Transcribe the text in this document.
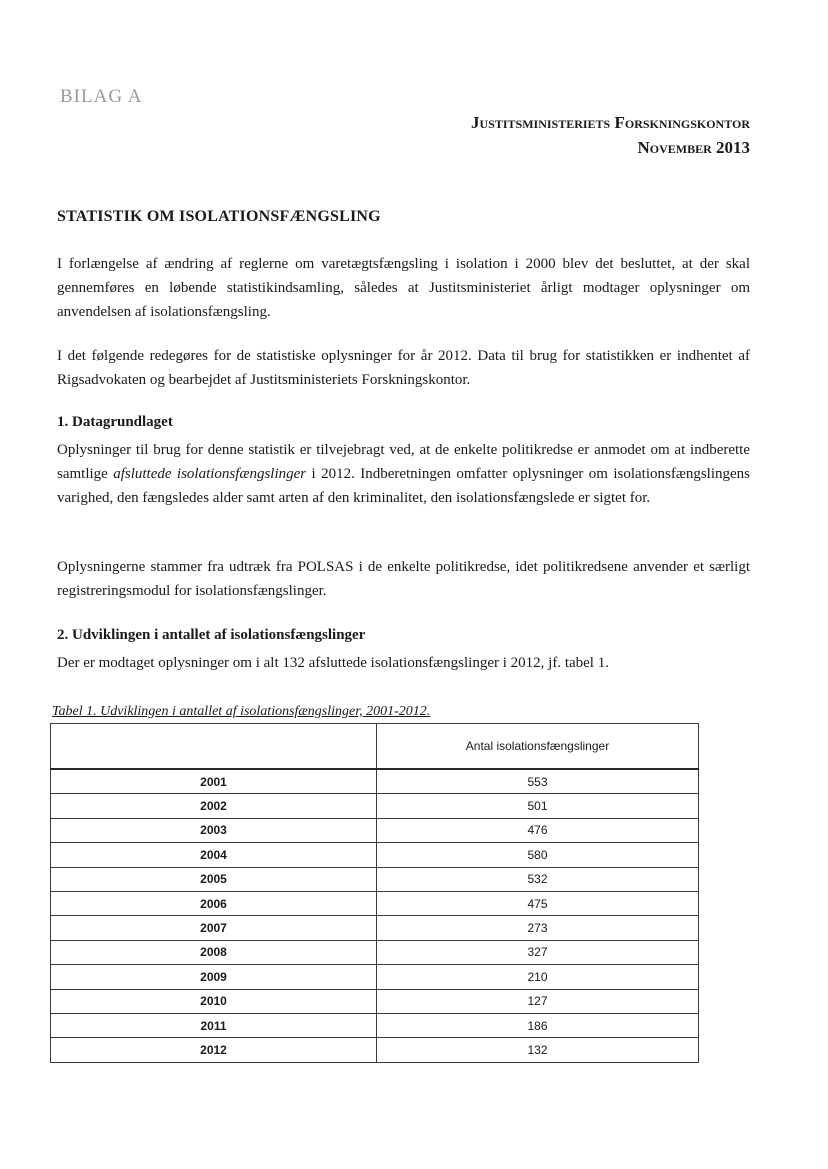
BILAG A
Justitsministeriets Forskningskontor
November 2013
STATISTIK OM ISOLATIONSFÆNGSLING

I forlængelse af ændring af reglerne om varetægtsfængsling i isolation i 2000 blev det besluttet, at der skal gennemføres en løbende statistikindsamling, således at Justitsministeriet årligt modtager oplysninger om anvendelsen af isolationsfængsling.

I det følgende redegøres for de statistiske oplysninger for år 2012. Data til brug for statistikken er indhentet af Rigsadvokaten og bearbejdet af Justitsministeriets Forskningskontor.

1. Datagrundlaget

Oplysninger til brug for denne statistik er tilvejebragt ved, at de enkelte politikredse er anmodet om at indberette samtlige afsluttede isolationsfængslinger i 2012. Indberetningen omfatter oplysninger om isolationsfængslingens varighed, den fængsledes alder samt arten af den kriminalitet, den isolationsfængslede er sigtet for.

Oplysningerne stammer fra udtræk fra POLSAS i de enkelte politikredse, idet politikredsene anvender et særligt registreringsmodul for isolationsfængslinger.

2. Udviklingen i antallet af isolationsfængslinger

Der er modtaget oplysninger om i alt 132 afsluttede isolationsfængslinger i 2012, jf. tabel 1.

Tabel 1. Udviklingen i antallet af isolationsfængslinger, 2001-2012.
	Antal isolationsfængslinger
2001	553
2002	501
2003	476
2004	580
2005	532
2006	475
2007	273
2008	327
2009	210
2010	127
2011	186
2012	132
